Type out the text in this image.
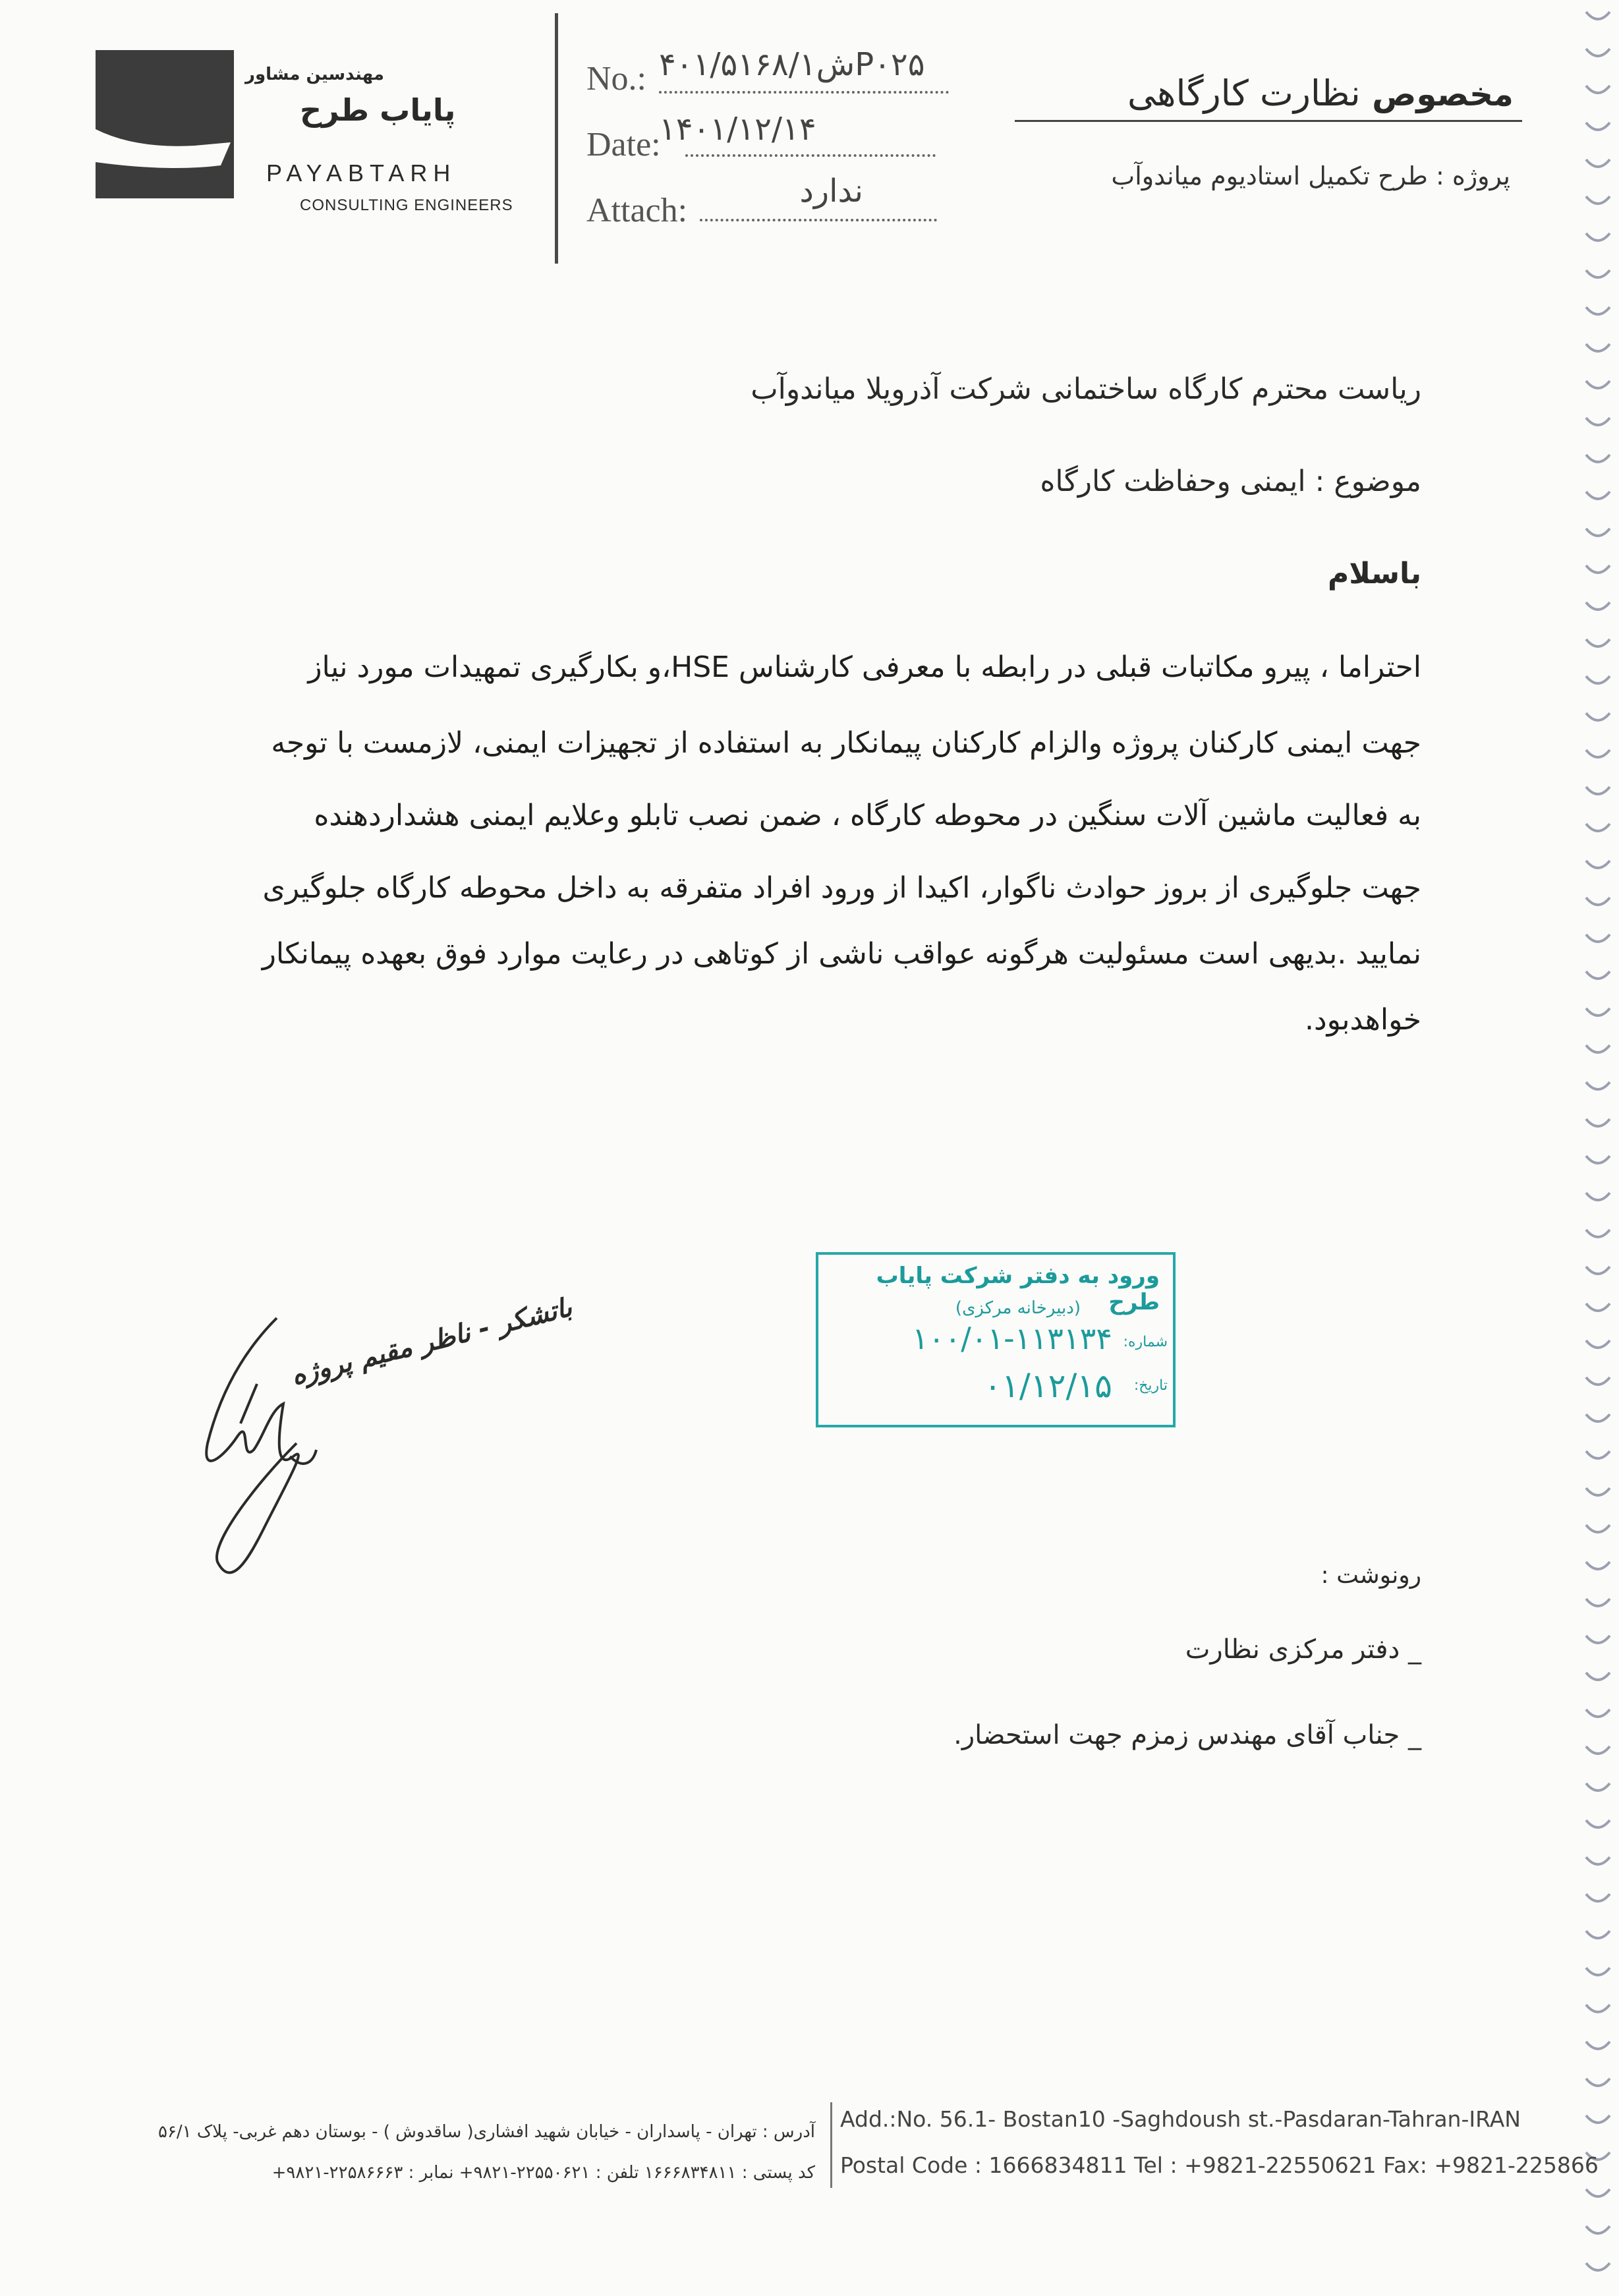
مهندسین مشاور
پایاب طرح
PAYABTARH
CONSULTING ENGINEERS
No.: ش۴۰۱/۵۱۶۸/۱P۰۲۵
Date:
۱۴۰۱/۱۲/۱۴
Attach:
ندارد
مخصوص نظارت کارگاهی
پروژه : طرح تکمیل استادیوم میاندوآب
ریاست محترم کارگاه ساختمانی شرکت آذرویلا میاندوآب
موضوع : ایمنی وحفاظت کارگاه
باسلام
احتراما ، پیرو مکاتبات قبلی در رابطه با معرفی کارشناس HSE،و بکارگیری تمهیدات مورد نیاز
جهت ایمنی کارکنان پروژه والزام کارکنان پیمانکار به استفاده از تجهیزات ایمنی، لازمست با توجه
به فعالیت ماشین آلات سنگین در محوطه کارگاه ، ضمن نصب تابلو وعلایم ایمنی هشداردهنده
جهت جلوگیری از بروز حوادث ناگوار، اکیدا از ورود افراد متفرقه به داخل محوطه کارگاه جلوگیری
نمایید .بدیهی است مسئولیت هرگونه عواقب ناشی از کوتاهی در رعایت موارد فوق بعهده پیمانکار
خواهدبود.
باتشکر - ناظر مقیم پروژه
ورود به دفتر شرکت پایاب طرح
(دبیرخانه مرکزی)
شماره:
۱۰۰/۰۱-۱۱۳۱۳۴
تاریخ:
۰۱/۱۲/۱۵
رونوشت :
_ دفتر مرکزی نظارت
_ جناب آقای مهندس زمزم جهت استحضار.
آدرس : تهران - پاسداران - خیابان شهید افشاری( ساقدوش ) - بوستان دهم غربی- پلاک ۵۶/۱
کد پستی : ۱۶۶۶۸۳۴۸۱۱ تلفن : ۲۲۵۵۰۶۲۱-۹۸۲۱+ نمابر : ۲۲۵۸۶۶۶۳-۹۸۲۱+
Add.:No. 56.1- Bostan10 -Saghdoush st.-Pasdaran-Tahran-IRAN
Postal Code : 1666834811 Tel : +9821-22550621 Fax: +9821-225866
